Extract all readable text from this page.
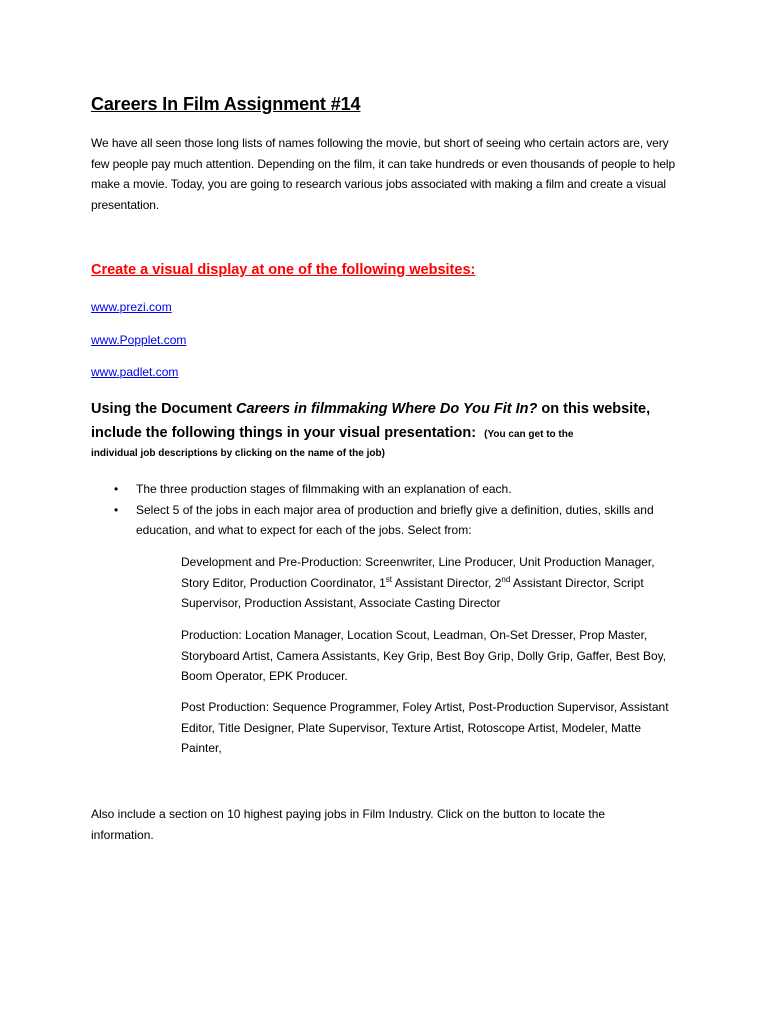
Careers In Film Assignment #14
We have all seen those long lists of names following the movie, but short of seeing who certain actors are, very few people pay much attention. Depending on the film, it can take hundreds or even thousands of people to help make a movie. Today, you are going to research various jobs associated with making a film and create a visual presentation.
Create a visual display at one of the following websites:
www.prezi.com
www.Popplet.com
www.padlet.com
Using the Document Careers in filmmaking Where Do You Fit In? on this website, include the following things in your visual presentation: (You can get to the
individual job descriptions by clicking on the name of the job)
• The three production stages of filmmaking with an explanation of each.
• Select 5 of the jobs in each major area of production and briefly give a definition, duties, skills and education, and what to expect for each of the jobs. Select from:
Development and Pre-Production: Screenwriter, Line Producer, Unit Production Manager, Story Editor, Production Coordinator, 1st Assistant Director, 2nd Assistant Director, Script Supervisor, Production Assistant, Associate Casting Director
Production: Location Manager, Location Scout, Leadman, On-Set Dresser, Prop Master, Storyboard Artist, Camera Assistants, Key Grip, Best Boy Grip, Dolly Grip, Gaffer, Best Boy, Boom Operator, EPK Producer.
Post Production: Sequence Programmer, Foley Artist, Post-Production Supervisor, Assistant Editor, Title Designer, Plate Supervisor, Texture Artist, Rotoscope Artist, Modeler, Matte Painter,
Also include a section on 10 highest paying jobs in Film Industry. Click on the button to locate the information.
